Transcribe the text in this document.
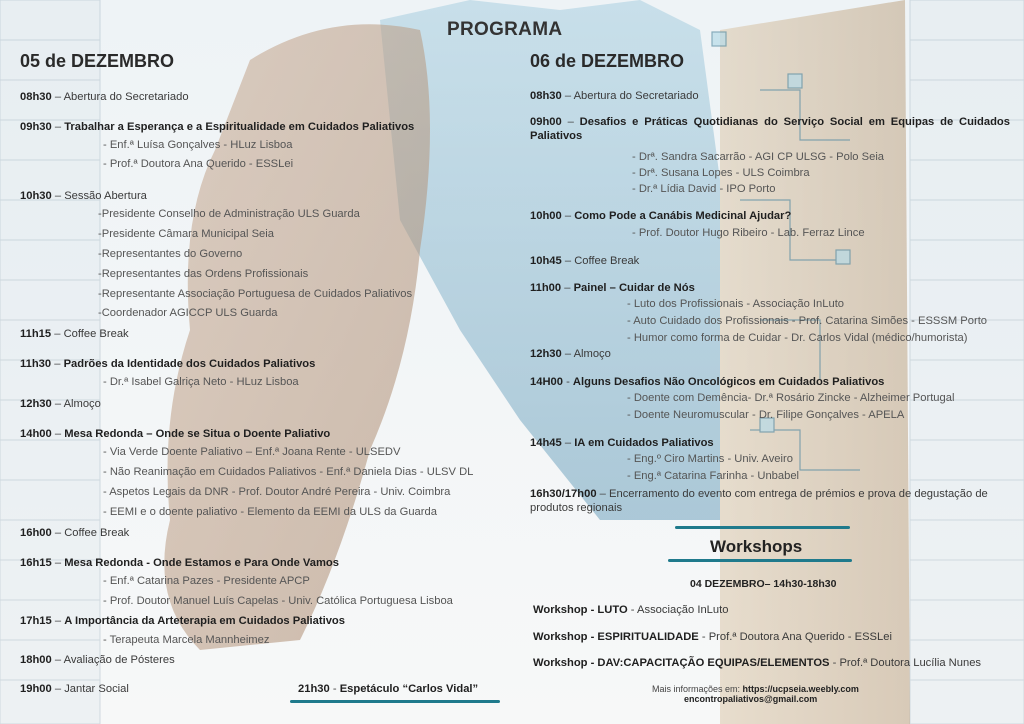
PROGRAMA
05 de DEZEMBRO	06 de DEZEMBRO
08h30 – Abertura do Secretariado
09h30 – Trabalhar a Esperança e a Espiritualidade em Cuidados Paliativos
- Enf.ª Luísa Gonçalves - HLuz Lisboa
- Prof.ª Doutora Ana Querido - ESSLei
10h30 – Sessão Abertura
-Presidente Conselho de Administração ULS Guarda
-Presidente Câmara Municipal Seia
-Representantes do Governo
-Representantes das Ordens Profissionais
-Representante Associação Portuguesa de Cuidados Paliativos
-Coordenador AGICCP ULS Guarda
11h15 – Coffee Break
11h30 – Padrões da Identidade dos Cuidados Paliativos
- Dr.ª Isabel Galriça Neto - HLuz Lisboa
12h30 – Almoço
14h00 – Mesa Redonda – Onde se Situa o Doente Paliativo
- Via Verde Doente Paliativo – Enf.ª Joana Rente - ULSEDV
- Não Reanimação em Cuidados Paliativos - Enf.ª Daniela Dias - ULSV DL
- Aspetos Legais da DNR - Prof. Doutor André Pereira - Univ. Coimbra
- EEMI e o doente paliativo - Elemento da EEMI da ULS da Guarda
16h00 – Coffee Break
16h15 – Mesa Redonda - Onde Estamos e Para Onde Vamos
- Enf.ª Catarina Pazes - Presidente APCP
- Prof. Doutor Manuel Luís Capelas - Univ. Católica Portuguesa Lisboa
17h15 – A Importância da Arteterapia em Cuidados Paliativos
- Terapeuta Marcela Mannheimez
18h00 – Avaliação de Pósteres
19h00 – Jantar Social	21h30 - Espetáculo “Carlos Vidal”
08h30 – Abertura do Secretariado
09h00 – Desafios e Práticas Quotidianas do Serviço Social em Equipas de Cuidados Paliativos
- Drª. Sandra Sacarrão - AGI CP ULSG - Polo Seia
- Drª. Susana Lopes - ULS Coimbra
- Dr.ª Lídia David - IPO Porto
10h00 – Como Pode a Canábis Medicinal Ajudar?
- Prof. Doutor Hugo Ribeiro - Lab. Ferraz Lince
10h45 – Coffee Break
11h00 – Painel – Cuidar de Nós
- Luto dos Profissionais - Associação InLuto
- Auto Cuidado dos Profissionais - Prof. Catarina Simões - ESSSM Porto
- Humor como forma de Cuidar - Dr. Carlos Vidal (médico/humorista)
12h30 – Almoço
14H00 - Alguns Desafios Não Oncológicos em Cuidados Paliativos
- Doente com Demência- Dr.ª Rosário Zincke - Alzheimer Portugal
- Doente Neuromuscular - Dr. Filipe Gonçalves - APELA
14h45 – IA em Cuidados Paliativos
- Eng.º Ciro Martins - Univ. Aveiro
- Eng.ª Catarina Farinha - Unbabel
16h30/17h00 – Encerramento do evento com entrega de prémios e prova de degustação de produtos regionais
Workshops
04 DEZEMBRO– 14h30-18h30
Workshop - LUTO - Associação InLuto
Workshop - ESPIRITUALIDADE - Prof.ª Doutora Ana Querido - ESSLei
Workshop - DAV:CAPACITAÇÃO EQUIPAS/ELEMENTOS - Prof.ª Doutora Lucília Nunes
Mais informações em: https://ucpseia.weebly.com
encontropaliativos@gmail.com
